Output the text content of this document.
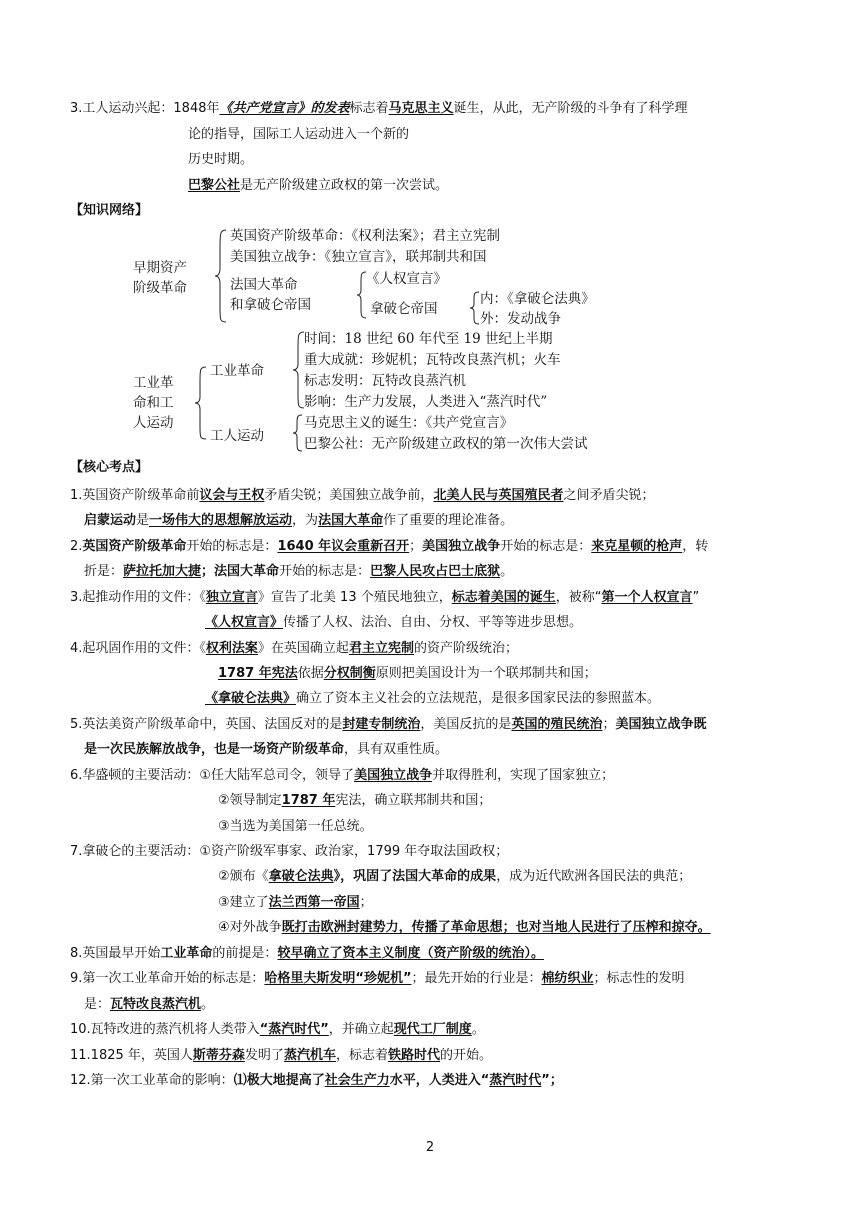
3.工人运动兴起：1848年《共产党宣言》的发表标志着马克思主义诞生，从此，无产阶级的斗争有了科学理
论的指导，国际工人运动进入一个新的
历史时期。
巴黎公社是无产阶级建立政权的第一次尝试。
【知识网络】
早期资产
阶级革命
英国资产阶级革命：《权利法案》；君主立宪制
美国独立战争：《独立宣言》，联邦制共和国
法国大革命
和拿破仑帝国
《人权宣言》
拿破仑帝国
内：《拿破仑法典》
外：发动战争
工业革
命和工
人运动
工业革命
时间：18 世纪 60 年代至 19 世纪上半期
重大成就：珍妮机；瓦特改良蒸汽机；火车
标志发明：瓦特改良蒸汽机
影响：生产力发展，人类进入“蒸汽时代”
工人运动
马克思主义的诞生：《共产党宣言》
巴黎公社：无产阶级建立政权的第一次伟大尝试
【核心考点】
1.英国资产阶级革命前议会与王权矛盾尖锐；美国独立战争前，北美人民与英国殖民者之间矛盾尖锐；
启蒙运动是一场伟大的思想解放运动，为法国大革命作了重要的理论准备。
2.英国资产阶级革命开始的标志是：1640 年议会重新召开；美国独立战争开始的标志是：来克星顿的枪声，转
折是：萨拉托加大捷；法国大革命开始的标志是：巴黎人民攻占巴士底狱。
3.起推动作用的文件：《独立宣言》宣告了北美 13 个殖民地独立，标志着美国的诞生，被称“第一个人权宣言”
《人权宣言》传播了人权、法治、自由、分权、平等等进步思想。
4.起巩固作用的文件：《权利法案》在英国确立起君主立宪制的资产阶级统治；
1787 年宪法依据分权制衡原则把美国设计为一个联邦制共和国；
《拿破仑法典》确立了资本主义社会的立法规范，是很多国家民法的参照蓝本。
5.英法美资产阶级革命中，英国、法国反对的是封建专制统治，美国反抗的是英国的殖民统治；美国独立战争既
是一次民族解放战争，也是一场资产阶级革命，具有双重性质。
6.华盛顿的主要活动：①任大陆军总司令，领导了美国独立战争并取得胜利，实现了国家独立；
②领导制定1787 年宪法，确立联邦制共和国；
③当选为美国第一任总统。
7.拿破仑的主要活动：①资产阶级军事家、政治家，1799 年夺取法国政权；
②颁布《拿破仑法典》，巩固了法国大革命的成果，成为近代欧洲各国民法的典范；
③建立了法兰西第一帝国；
④对外战争既打击欧洲封建势力，传播了革命思想；也对当地人民进行了压榨和掠夺。
8.英国最早开始工业革命的前提是：较早确立了资本主义制度（资产阶级的统治）。
9.第一次工业革命开始的标志是：哈格里夫斯发明“珍妮机”；最先开始的行业是：棉纺织业；标志性的发明
是：瓦特改良蒸汽机。
10.瓦特改进的蒸汽机将人类带入“蒸汽时代”，并确立起现代工厂制度。
11.1825 年，英国人斯蒂芬森发明了蒸汽机车，标志着铁路时代的开始。
12.第一次工业革命的影响：⑴极大地提高了社会生产力水平，人类进入“蒸汽时代”；
2
